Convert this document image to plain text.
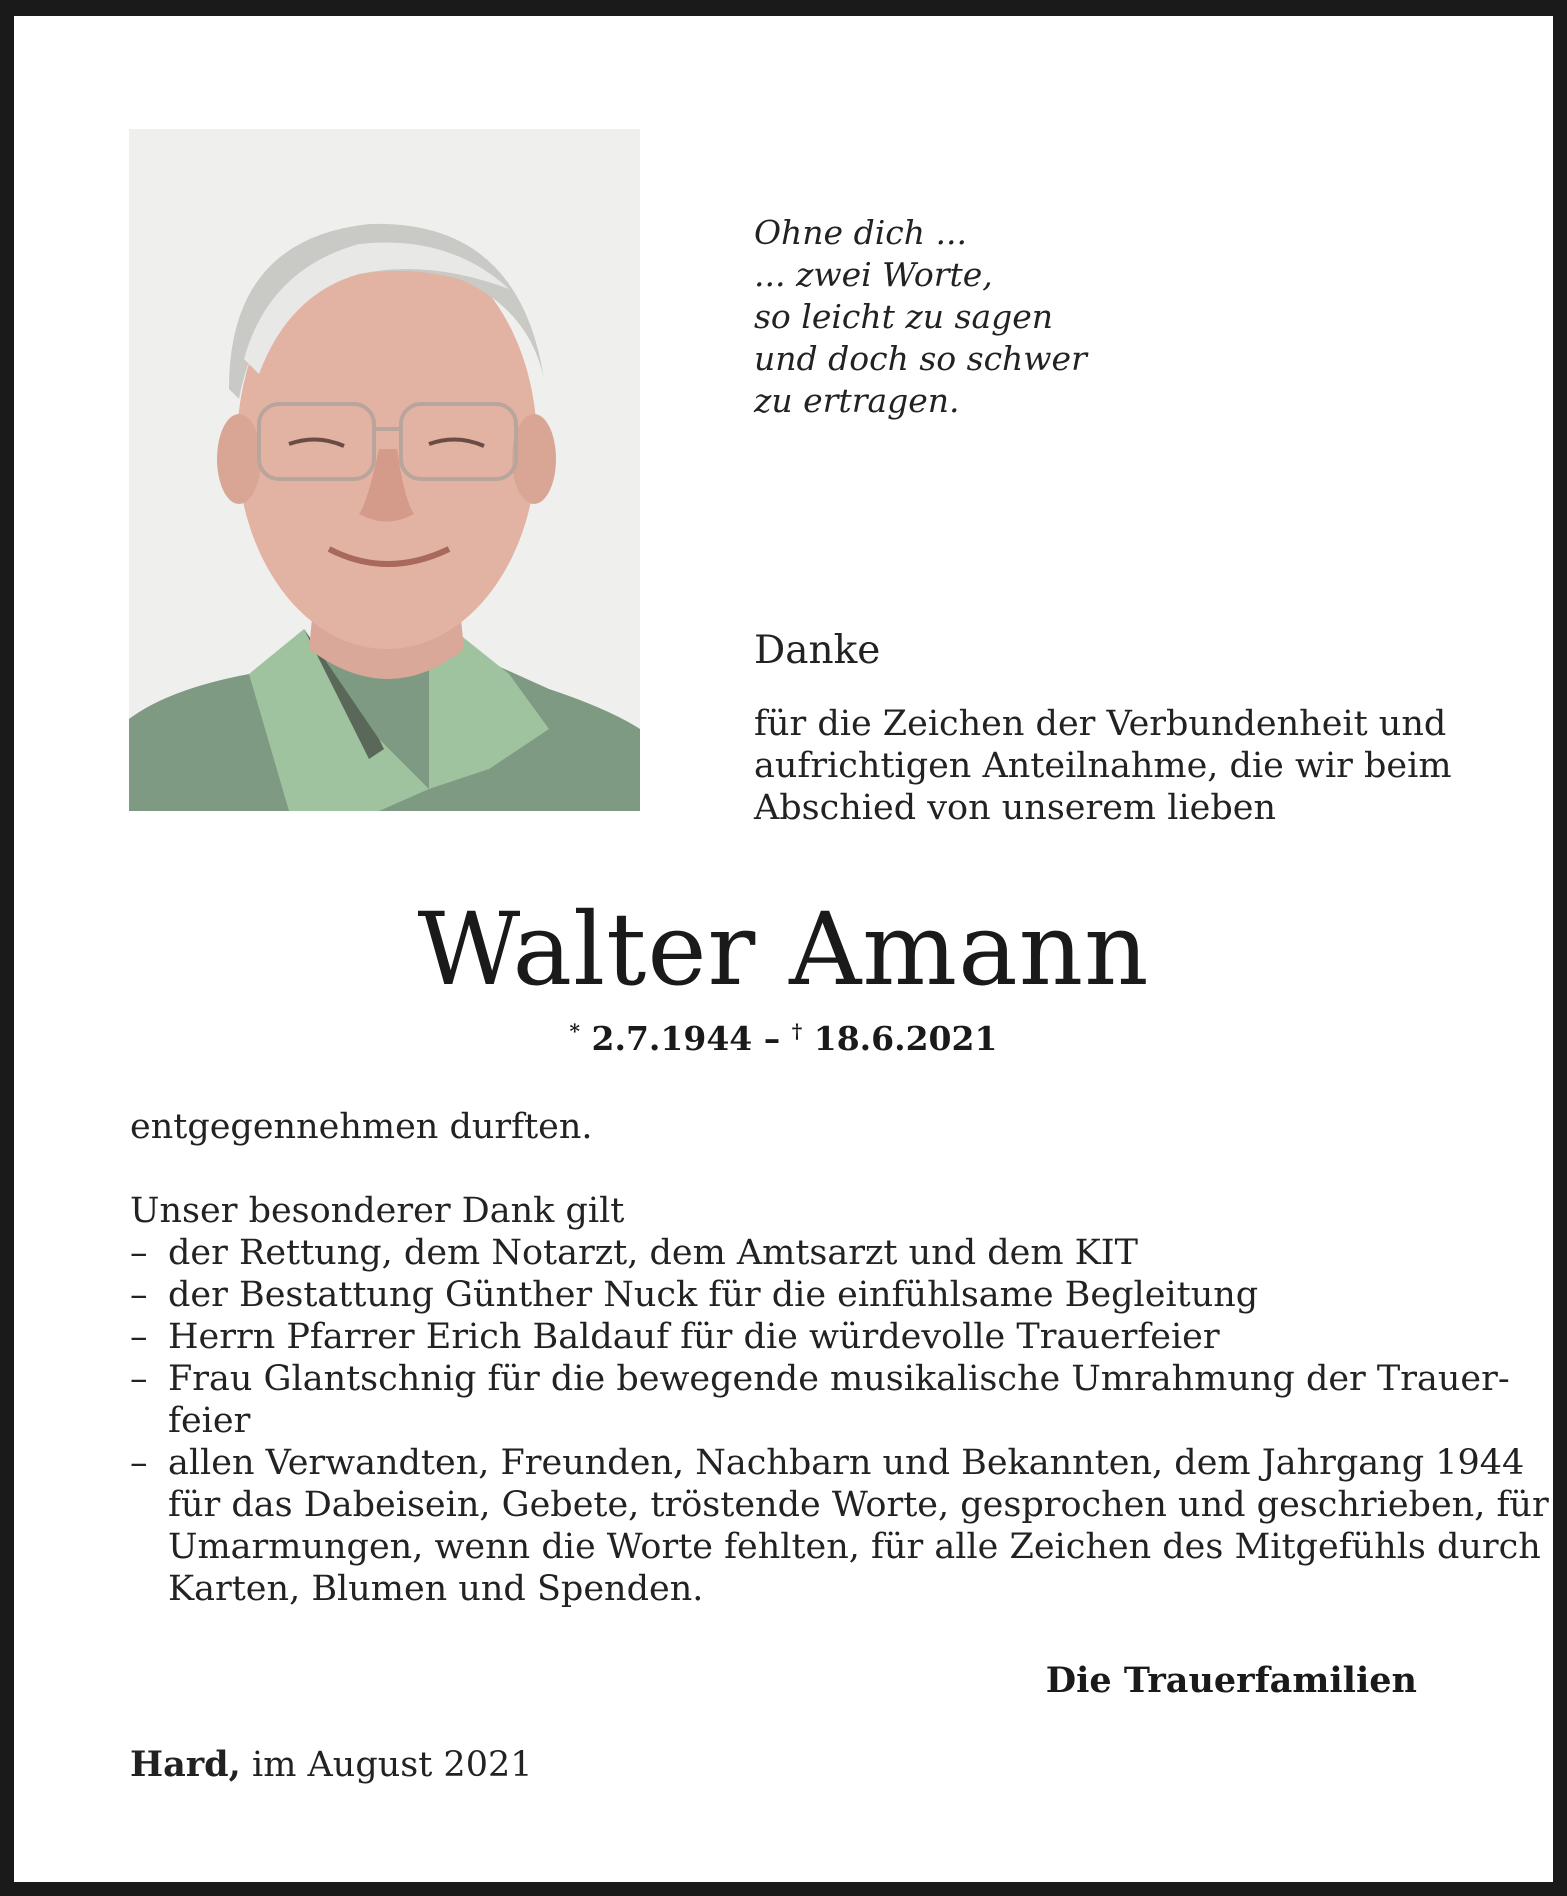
Ohne dich ...
... zwei Worte,
so leicht zu sagen
und doch so schwer
zu ertragen.
Danke
für die Zeichen der Verbundenheit und
aufrichtigen Anteilnahme, die wir beim
Abschied von unserem lieben
Walter Amann
* 2.7.1944 – † 18.6.2021
entgegennehmen durften.
Unser besonderer Dank gilt
– der Rettung, dem Notarzt, dem Amtsarzt und dem KIT
– der Bestattung Günther Nuck für die einfühlsame Begleitung
– Herrn Pfarrer Erich Baldauf für die würdevolle Trauerfeier
– Frau Glantschnig für die bewegende musikalische Umrahmung der Trauer-
feier
– allen Verwandten, Freunden, Nachbarn und Bekannten, dem Jahrgang 1944
für das Dabeisein, Gebete, tröstende Worte, gesprochen und geschrieben, für
Umarmungen, wenn die Worte fehlten, für alle Zeichen des Mitgefühls durch
Karten, Blumen und Spenden.
Die Trauerfamilien
Hard, im August 2021
